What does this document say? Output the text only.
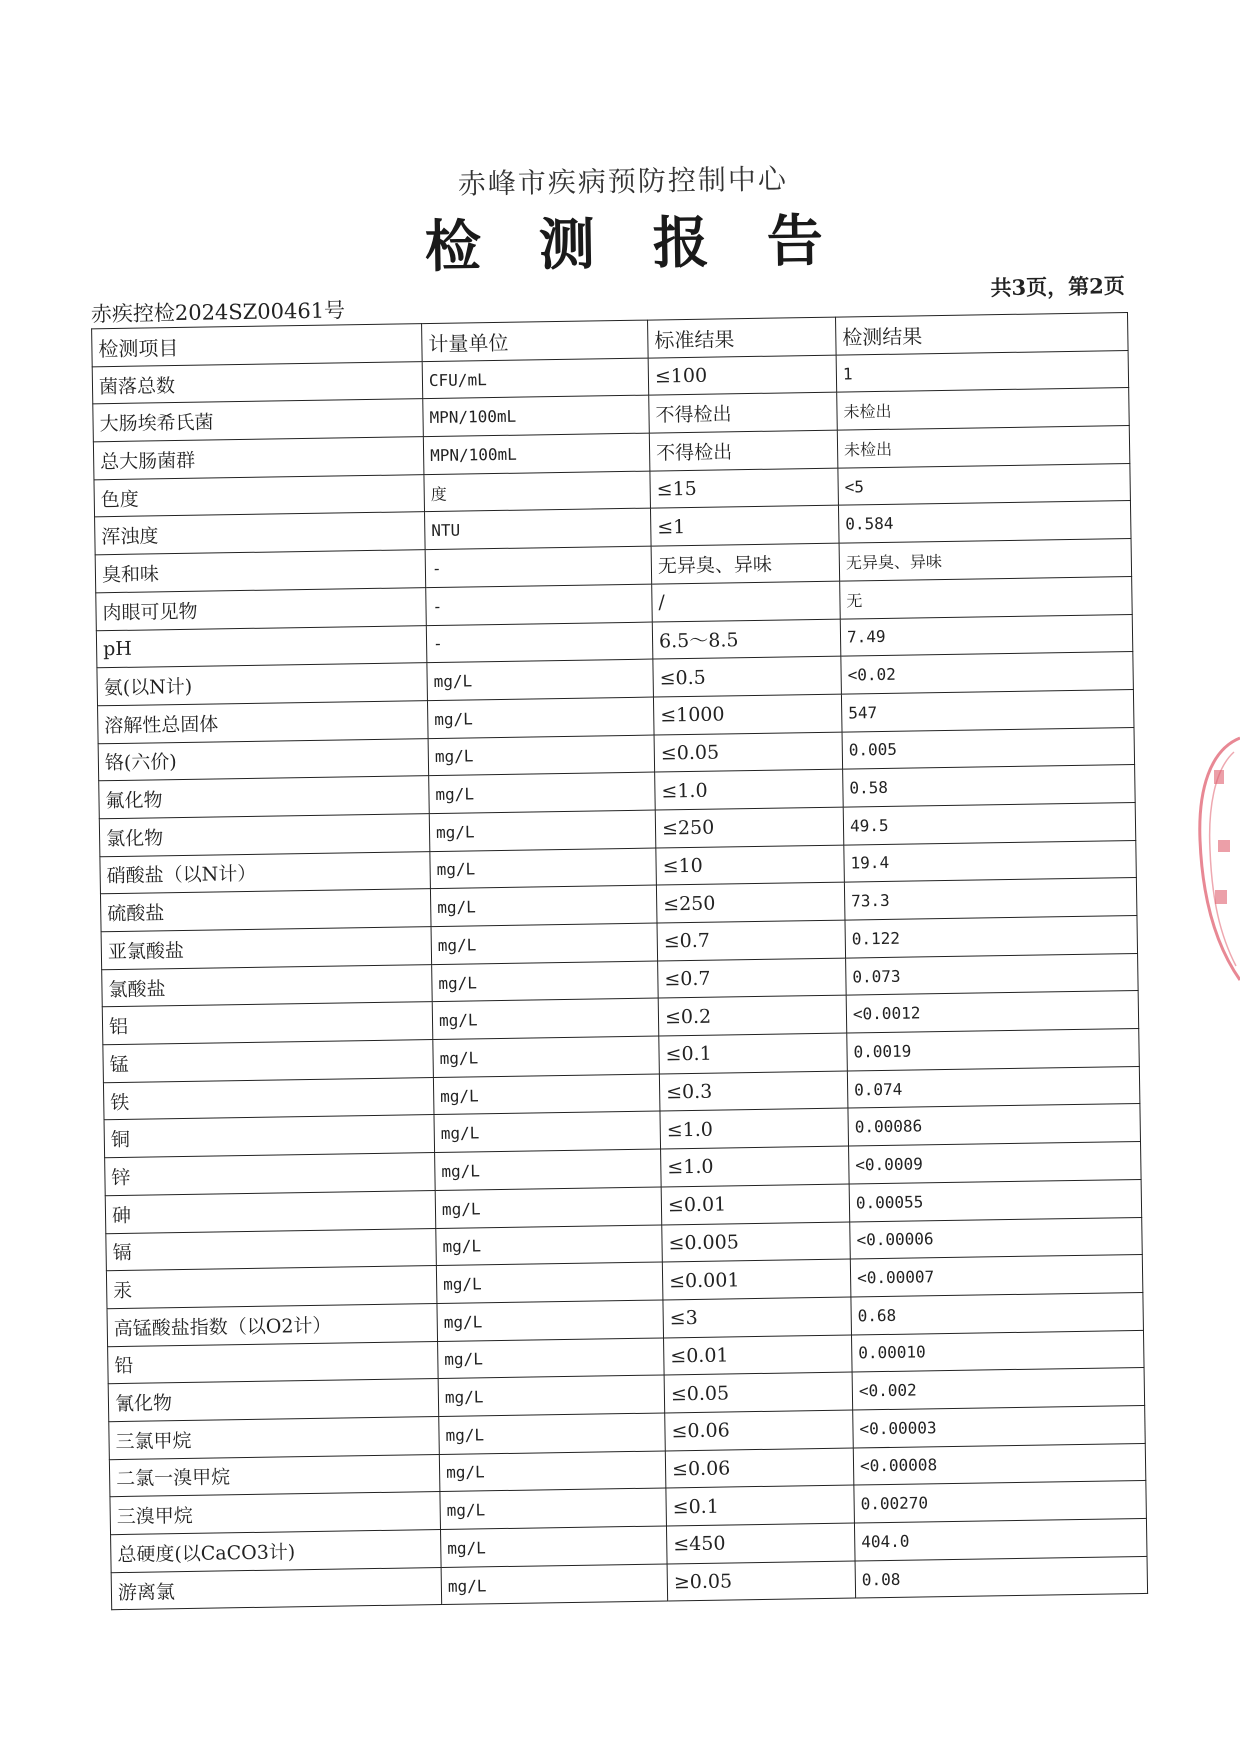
赤峰市疾病预防控制中心
检测报告
赤疾控检2024SZ00461号
共3页，第2页
检测项目	计量单位	标准结果	检测结果
菌落总数	CFU/mL	≤100	1
大肠埃希氏菌	MPN/100mL	不得检出	未检出
总大肠菌群	MPN/100mL	不得检出	未检出
色度	度	≤15	<5
浑浊度	NTU	≤1	0.584
臭和味	-	无异臭、异味	无异臭、异味
肉眼可见物	-	/	无
pH	-	6.5～8.5	7.49
氨(以N计)	mg/L	≤0.5	<0.02
溶解性总固体	mg/L	≤1000	547
铬(六价)	mg/L	≤0.05	0.005
氟化物	mg/L	≤1.0	0.58
氯化物	mg/L	≤250	49.5
硝酸盐（以N计）	mg/L	≤10	19.4
硫酸盐	mg/L	≤250	73.3
亚氯酸盐	mg/L	≤0.7	0.122
氯酸盐	mg/L	≤0.7	0.073
铝	mg/L	≤0.2	<0.0012
锰	mg/L	≤0.1	0.0019
铁	mg/L	≤0.3	0.074
铜	mg/L	≤1.0	0.00086
锌	mg/L	≤1.0	<0.0009
砷	mg/L	≤0.01	0.00055
镉	mg/L	≤0.005	<0.00006
汞	mg/L	≤0.001	<0.00007
高锰酸盐指数（以O2计）	mg/L	≤3	0.68
铅	mg/L	≤0.01	0.00010
氰化物	mg/L	≤0.05	<0.002
三氯甲烷	mg/L	≤0.06	<0.00003
二氯一溴甲烷	mg/L	≤0.06	<0.00008
三溴甲烷	mg/L	≤0.1	0.00270
总硬度(以CaCO3计)	mg/L	≤450	404.0
游离氯	mg/L	≥0.05	0.08
